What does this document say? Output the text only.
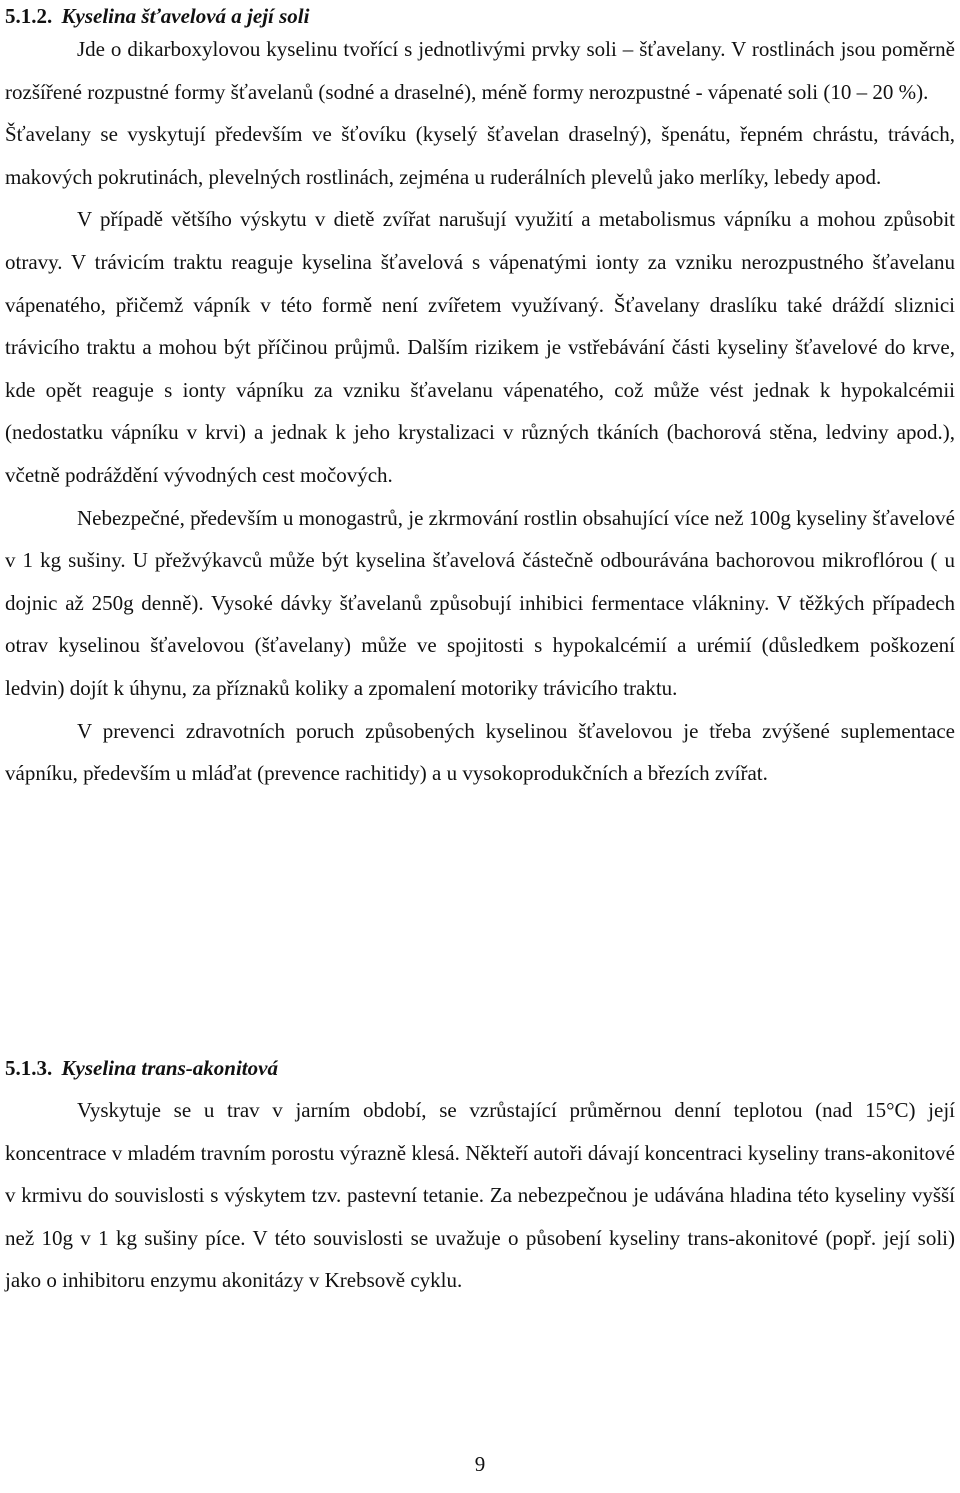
5.1.2. Kyselina šťavelová a její soli

Jde o dikarboxylovou kyselinu tvořící s jednotlivými prvky soli – šťavelany. V rostlinách jsou poměrně rozšířené rozpustné formy šťavelanů (sodné a draselné), méně formy nerozpustné - vápenaté soli (10 – 20 %).

Šťavelany se vyskytují především ve šťovíku (kyselý šťavelan draselný), špenátu, řepném chrástu, trávách, makových pokrutinách, plevelných rostlinách, zejména u ruderálních plevelů jako merlíky, lebedy apod.

V případě většího výskytu v dietě zvířat narušují využití a metabolismus vápníku a mohou způsobit otravy. V trávicím traktu reaguje kyselina šťavelová s vápenatými ionty za vzniku nerozpustného šťavelanu vápenatého, přičemž vápník v této formě není zvířetem využívaný. Šťavelany draslíku také dráždí sliznici trávicího traktu a mohou být příčinou průjmů. Dalším rizikem je vstřebávání části kyseliny šťavelové do krve, kde opět reaguje s ionty vápníku za vzniku šťavelanu vápenatého, což může vést jednak k hypokalcémii (nedostatku vápníku v krvi) a jednak k jeho krystalizaci v různých tkáních (bachorová stěna, ledviny apod.), včetně podráždění vývodných cest močových.

Nebezpečné, především u monogastrů, je zkrmování rostlin obsahující více než 100g kyseliny šťavelové v 1 kg sušiny. U přežvýkavců může být kyselina šťavelová částečně odbourávána bachorovou mikroflórou ( u dojnic až 250g denně). Vysoké dávky šťavelanů způsobují inhibici fermentace vlákniny. V těžkých případech otrav kyselinou šťavelovou (šťavelany) může ve spojitosti s hypokalcémií a urémií (důsledkem poškození ledvin) dojít k úhynu, za příznaků koliky a zpomalení motoriky trávicího traktu.

V prevenci zdravotních poruch způsobených kyselinou šťavelovou je třeba zvýšené suplementace vápníku, především u mláďat (prevence rachitidy) a u vysokoprodukčních a březích zvířat.

5.1.3. Kyselina trans-akonitová

Vyskytuje se u trav v jarním období, se vzrůstající průměrnou denní teplotou (nad 15°C) její koncentrace v mladém travním porostu výrazně klesá. Někteří autoři dávají koncentraci kyseliny trans-akonitové v krmivu do souvislosti s výskytem tzv. pastevní tetanie. Za nebezpečnou je udávána hladina této kyseliny vyšší než 10g v 1 kg sušiny píce. V této souvislosti se uvažuje o působení kyseliny trans-akonitové (popř. její soli) jako o inhibitoru enzymu akonitázy v Krebsově cyklu.

9
